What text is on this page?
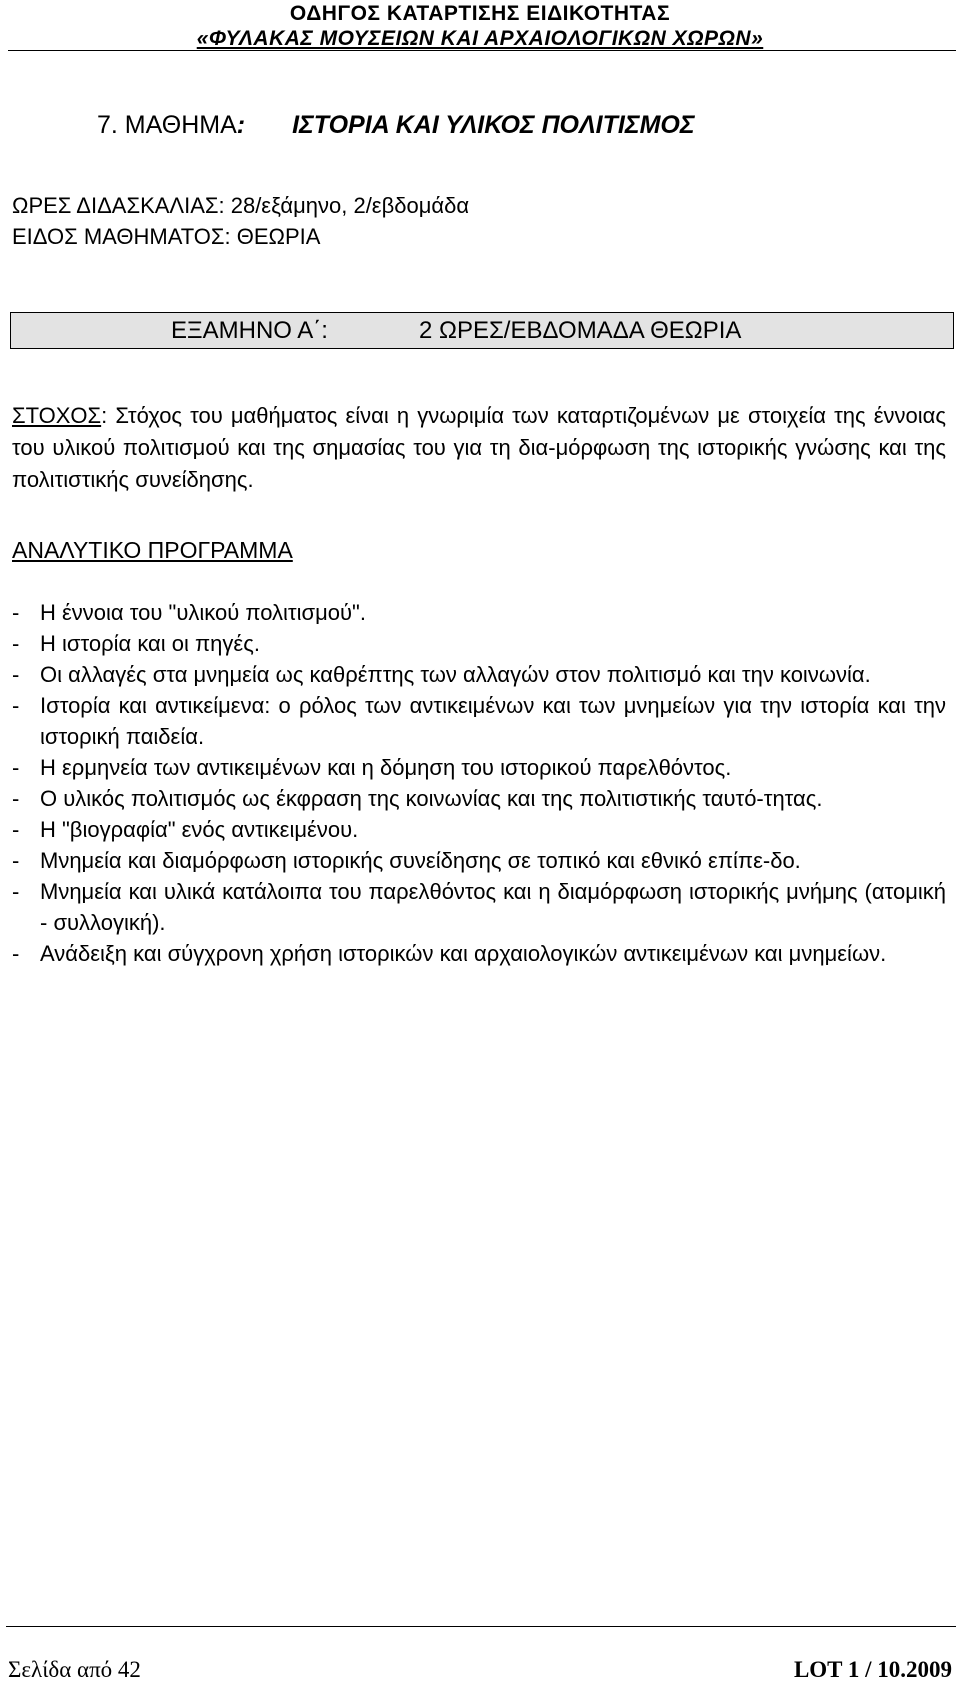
ΟΔΗΓΟΣ ΚΑΤΑΡΤΙΣΗΣ ΕΙΔΙΚΟΤΗΤΑΣ
«ΦΥΛΑΚΑΣ ΜΟΥΣΕΙΩΝ ΚΑΙ ΑΡΧΑΙΟΛΟΓΙΚΩΝ ΧΩΡΩΝ»
7. ΜΑΘΗΜΑ: ΙΣΤΟΡΙΑ ΚΑΙ ΥΛΙΚΟΣ ΠΟΛΙΤΙΣΜΟΣ
ΩΡΕΣ ΔΙΔΑΣΚΑΛΙΑΣ: 28/εξάμηνο, 2/εβδομάδα
ΕΙΔΟΣ ΜΑΘΗΜΑΤΟΣ: ΘΕΩΡΙΑ
ΕΞΑΜΗΝΟ Α΄:	2 ΩΡΕΣ/ΕΒΔΟΜΑΔΑ ΘΕΩΡΙΑ
ΣΤΟΧΟΣ: Στόχος του μαθήματος είναι η γνωριμία των καταρτιζομένων με στοιχεία της έννοιας του υλικού πολιτισμού και της σημασίας του για τη δια-μόρφωση της ιστορικής γνώσης και της πολιτιστικής συνείδησης.
ΑΝΑΛΥΤΙΚΟ ΠΡΟΓΡΑΜΜΑ
- Η έννοια του "υλικού πολιτισμού".
- Η ιστορία και οι πηγές.
- Οι αλλαγές στα μνημεία ως καθρέπτης των αλλαγών στον πολιτισμό και την κοινωνία.
- Ιστορία και αντικείμενα: ο ρόλος των αντικειμένων και των μνημείων για την ιστορία και την ιστορική παιδεία.
- Η ερμηνεία των αντικειμένων και η δόμηση του ιστορικού παρελθόντος.
- Ο υλικός πολιτισμός ως έκφραση της κοινωνίας και της πολιτιστικής ταυτό-τητας.
- Η "βιογραφία" ενός αντικειμένου.
- Μνημεία και διαμόρφωση ιστορικής συνείδησης σε τοπικό και εθνικό επίπε-δο.
- Μνημεία και υλικά κατάλοιπα του παρελθόντος και η διαμόρφωση ιστορικής μνήμης (ατομική - συλλογική).
- Ανάδειξη και σύγχρονη χρήση ιστορικών και αρχαιολογικών αντικειμένων και μνημείων.
Σελίδα από 42	LOT 1 / 10.2009
